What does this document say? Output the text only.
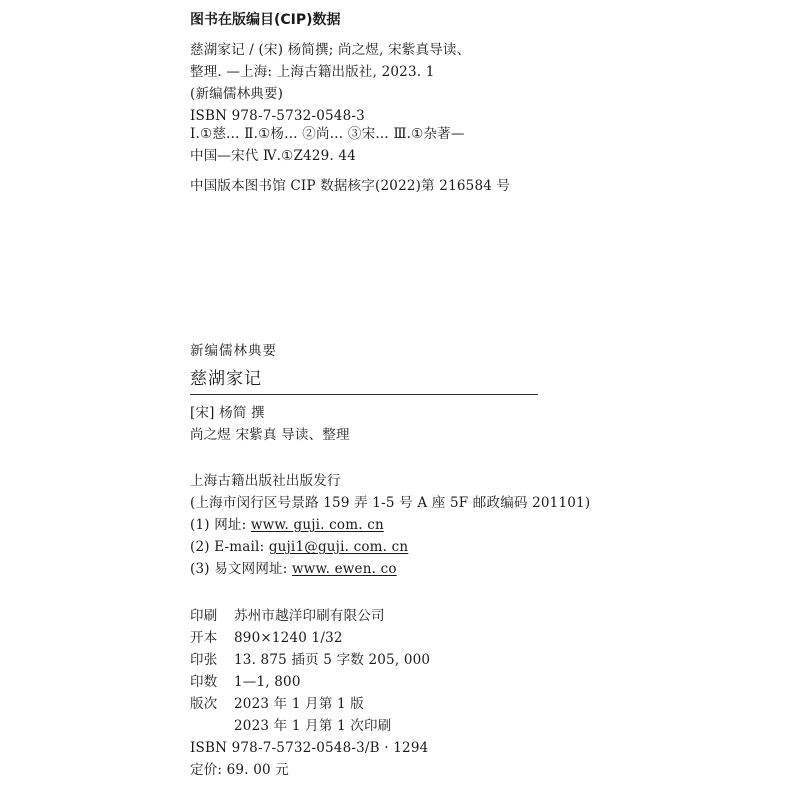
图书在版编目(CIP)数据
慈湖家记 / (宋) 杨简撰; 尚之煜, 宋紫真导读、
整理. —上海: 上海古籍出版社, 2023. 1
(新编儒林典要)
ISBN 978-7-5732-0548-3
Ⅰ.①慈… Ⅱ.①杨… ②尚… ③宋… Ⅲ.①杂著—
中国—宋代 Ⅳ.①Z429. 44
中国版本图书馆 CIP 数据核字(2022)第 216584 号
新编儒林典要
慈湖家记
[宋] 杨简 撰
尚之煜 宋紫真 导读、整理
上海古籍出版社出版发行
(上海市闵行区号景路 159 弄 1-5 号 A 座 5F 邮政编码 201101)
(1) 网址: www. guji. com. cn
(2) E-mail: guji1@guji. com. cn
(3) 易文网网址: www. ewen. co
印刷 苏州市越洋印刷有限公司
开本 890×1240 1/32
印张 13. 875 插页 5 字数 205, 000
印数 1—1, 800
版次 2023 年 1 月第 1 版
2023 年 1 月第 1 次印刷
ISBN 978-7-5732-0548-3/B · 1294
定价: 69. 00 元
